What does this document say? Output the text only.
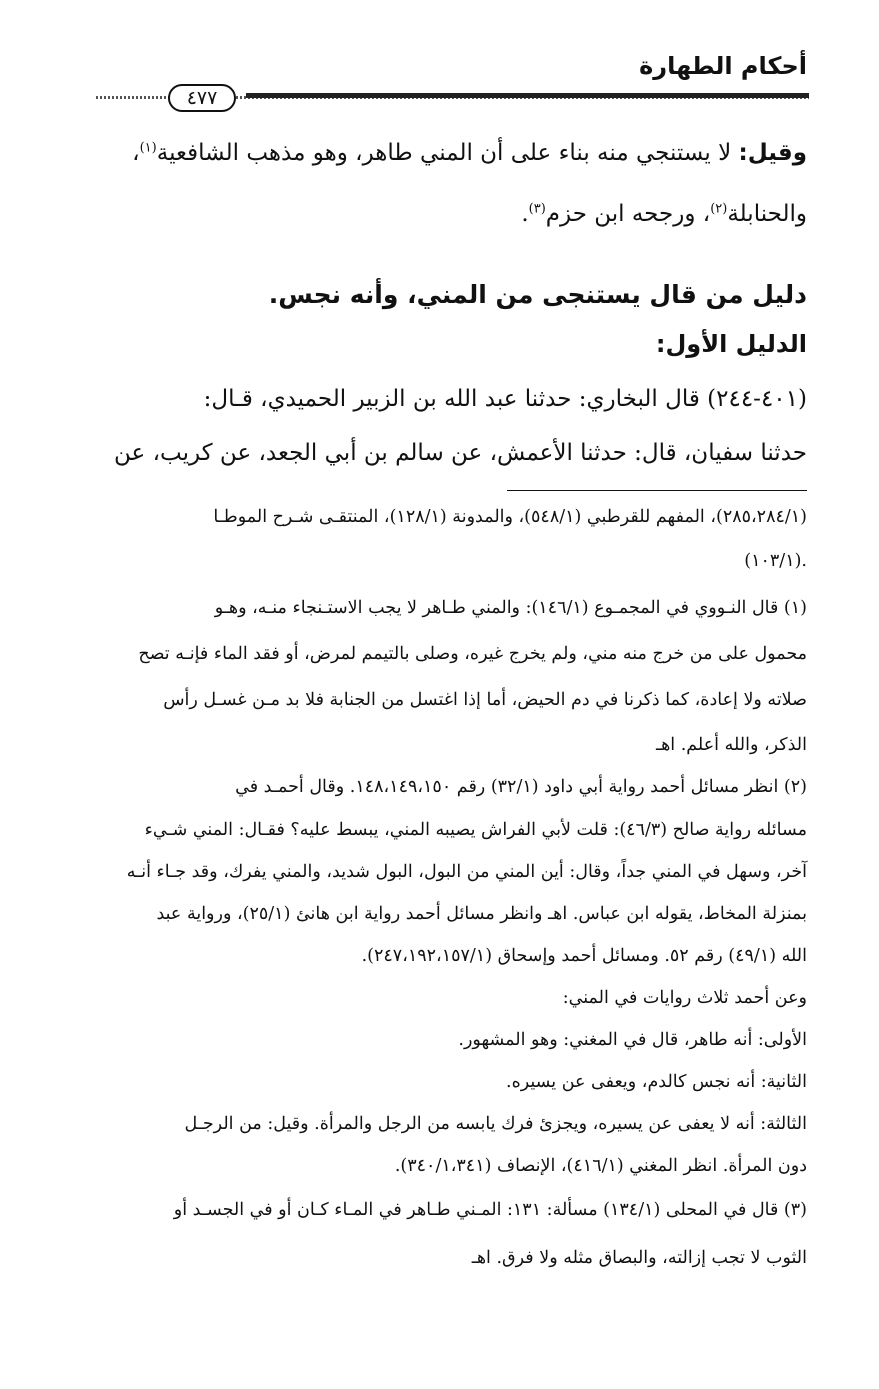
أحكام الطهارة
٤٧٧
وقيل: لا يستنجي منه بناء على أن المني طاهر، وهو مذهب الشافعية$^{(١)}$،
والحنابلة$^{(٢)}$، ورجحه ابن حزم$^{(٣)}$.
دليل من قال يستنجى من المني، وأنه نجس.
الدليل الأول:
(٤٠١-٢٤٤) قال البخاري: حدثنا عبد الله بن الزبير الحميدي، قـال:
حدثنا سفيان، قال: حدثنا الأعمش، عن سالم بن أبي الجعد، عن كريب، عن
(٢٨٥،٢٨٤/١)، المفهم للقرطبي (٥٤٨/١)، والمدونة (١٢٨/١)، المنتقـى شـرح الموطـا
(١٠٣/١).
(١) قال النـووي في المجمـوع (١٤٦/١): والمني طـاهر لا يجب الاستـنجاء منـه، وهـو
محمول على من خرج منه مني، ولم يخرج غيره، وصلى بالتيمم لمرض، أو فقد الماء فإنـه تصح
صلاته ولا إعادة، كما ذكرنا في دم الحيض، أما إذا اغتسل من الجنابة فلا بد مـن غسـل رأس
الذكر، والله أعلم. اهـ
(٢) انظر مسائل أحمد رواية أبي داود (٣٢/١) رقم ١٤٨،١٤٩،١٥٠. وقال أحمـد في
مسائله رواية صالح (٤٦/٣): قلت لأبي الفراش يصيبه المني، يبسط عليه؟ فقـال: المني شـيء
آخر، وسهل في المني جداً، وقال: أين المني من البول، البول شديد، والمني يفرك، وقد جـاء أنـه
بمنزلة المخاط، يقوله ابن عباس. اهـ وانظر مسائل أحمد رواية ابن هانئ (٢٥/١)، ورواية عبد
الله (٤٩/١) رقم ٥٢. ومسائل أحمد وإسحاق (٢٤٧،١٩٢،١٥٧/١).
وعن أحمد ثلاث روايات في المني:
الأولى: أنه طاهر، قال في المغني: وهو المشهور.
الثانية: أنه نجس كالدم، ويعفى عن يسيره.
الثالثة: أنه لا يعفى عن يسيره، ويجزئ فرك يابسه من الرجل والمرأة. وقيل: من الرجـل
دون المرأة. انظر المغني (٤١٦/١)، الإنصاف (٣٤٠/١،٣٤١).
(٣) قال في المحلى (١٣٤/١) مسألة: ١٣١: المـني طـاهر في المـاء كـان أو في الجسـد أو
الثوب لا تجب إزالته، والبصاق مثله ولا فرق. اهـ
